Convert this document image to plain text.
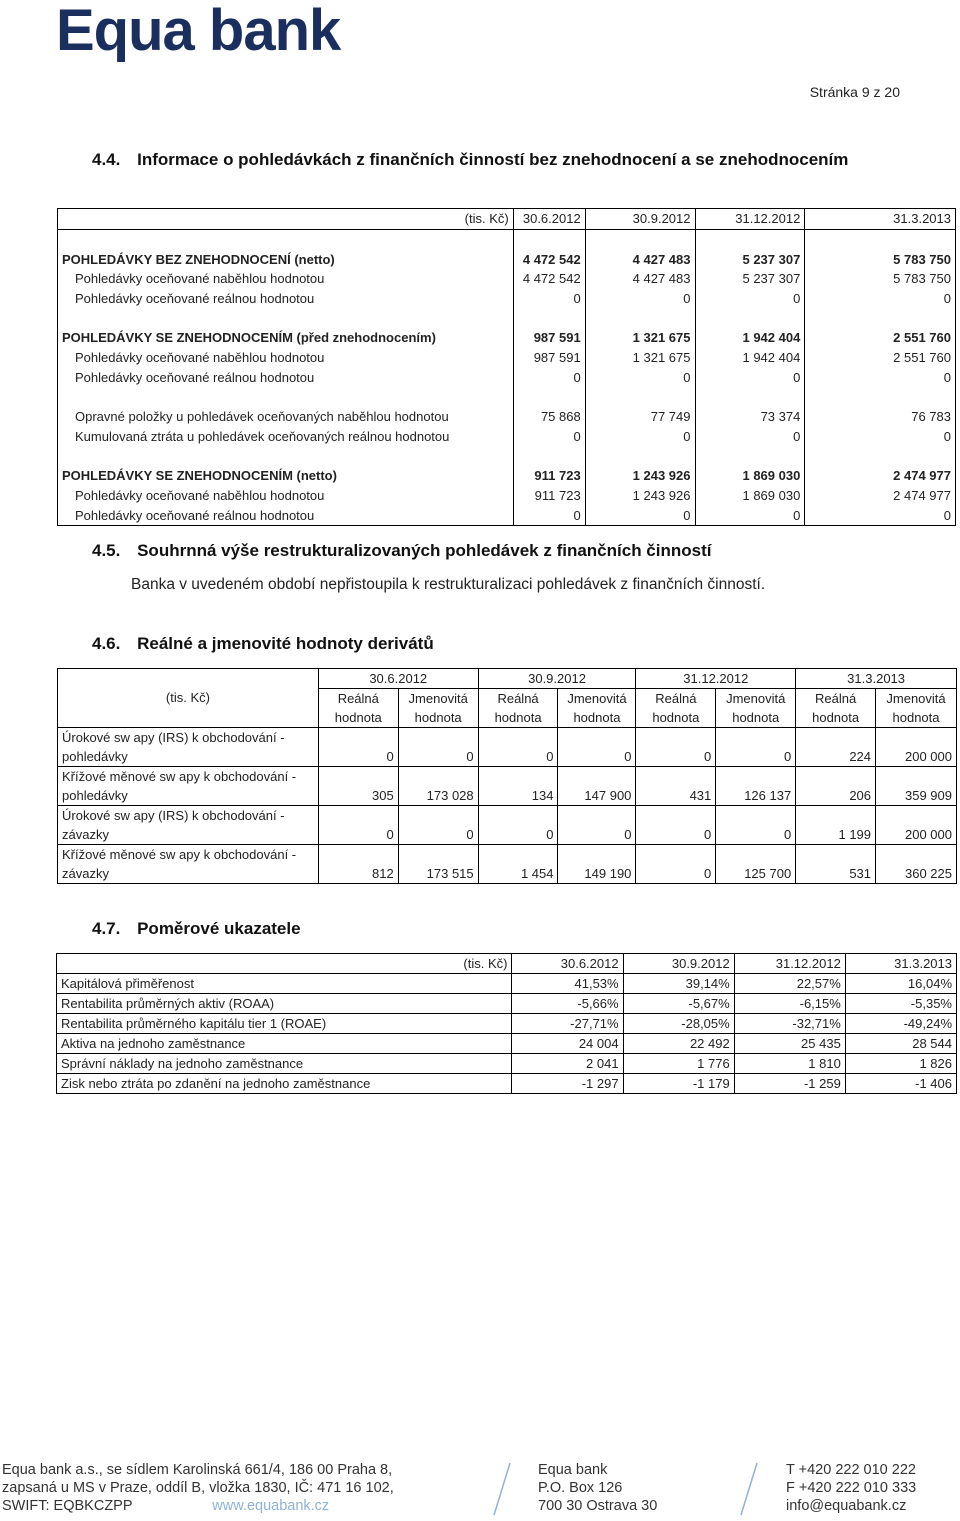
Equa bank
Stránka 9 z 20
4.4. Informace o pohledávkách z finančních činností bez znehodnocení a se znehodnocením
(tis. Kč)	30.6.2012	30.9.2012	31.12.2012	31.3.2013

POHLEDÁVKY BEZ ZNEHODNOCENÍ (netto)	4 472 542	4 427 483	5 237 307	5 783 750
Pohledávky oceňované naběhlou hodnotou	4 472 542	4 427 483	5 237 307	5 783 750
Pohledávky oceňované reálnou hodnotou	0	0	0	0

POHLEDÁVKY SE ZNEHODNOCENÍM (před znehodnocením)	987 591	1 321 675	1 942 404	2 551 760
Pohledávky oceňované naběhlou hodnotou	987 591	1 321 675	1 942 404	2 551 760
Pohledávky oceňované reálnou hodnotou	0	0	0	0

Opravné položky u pohledávek oceňovaných naběhlou hodnotou	75 868	77 749	73 374	76 783
Kumulovaná ztráta u pohledávek oceňovaných reálnou hodnotou	0	0	0	0

POHLEDÁVKY SE ZNEHODNOCENÍM (netto)	911 723	1 243 926	1 869 030	2 474 977
Pohledávky oceňované naběhlou hodnotou	911 723	1 243 926	1 869 030	2 474 977
Pohledávky oceňované reálnou hodnotou	0	0	0	0
4.5. Souhrnná výše restrukturalizovaných pohledávek z finančních činností
Banka v uvedeném období nepřistoupila k restrukturalizaci pohledávek z finančních činností.
4.6. Reálné a jmenovité hodnoty derivátů
	30.6.2012		30.9.2012		31.12.2012		31.3.2013	
(tis. Kč)	Reálná	Jmenovitá	Reálná	Jmenovitá	Reálná	Jmenovitá	Reálná	Jmenovitá
	hodnota	hodnota	hodnota	hodnota	hodnota	hodnota	hodnota	hodnota
Úrokové sw apy (IRS) k obchodování -								
pohledávky	0	0	0	0	0	0	224	200 000
Křížové měnové sw apy k obchodování -								
pohledávky	305	173 028	134	147 900	431	126 137	206	359 909
Úrokové sw apy (IRS) k obchodování -								
závazky	0	0	0	0	0	0	1 199	200 000
Křížové měnové sw apy k obchodování -								
závazky	812	173 515	1 454	149 190	0	125 700	531	360 225
4.7. Poměrové ukazatele
(tis. Kč)	30.6.2012	30.9.2012	31.12.2012	31.3.2013
Kapitálová přiměřenost	41,53%	39,14%	22,57%	16,04%
Rentabilita průměrných aktiv (ROAA)	-5,66%	-5,67%	-6,15%	-5,35%
Rentabilita průměrného kapitálu tier 1 (ROAE)	-27,71%	-28,05%	-32,71%	-49,24%
Aktiva na jednoho zaměstnance	24 004	22 492	25 435	28 544
Správní náklady na jednoho zaměstnance	2 041	1 776	1 810	1 826
Zisk nebo ztráta po zdanění na jednoho zaměstnance	-1 297	-1 179	-1 259	-1 406
Equa bank a.s., se sídlem Karolinská 661/4, 186 00 Praha 8,
zapsaná u MS v Praze, oddíl B, vložka 1830, IČ: 471 16 102,
SWIFT: EQBKCZPP	www.equabank.cz
Equa bank
P.O. Box 126
700 30 Ostrava 30
T +420 222 010 222
F +420 222 010 333
info@equabank.cz
